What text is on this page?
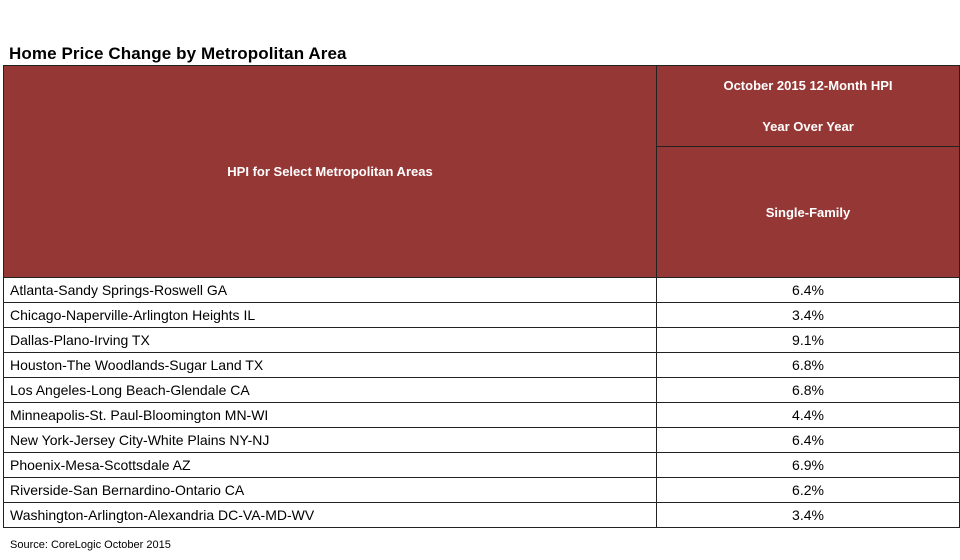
Home Price Change by Metropolitan Area
HPI for Select Metropolitan Areas	October 2015 12-Month HPI
Year Over Year

	Single-Family
Atlanta-Sandy Springs-Roswell GA	6.4%
Chicago-Naperville-Arlington Heights IL	3.4%
Dallas-Plano-Irving TX	9.1%
Houston-The Woodlands-Sugar Land TX	6.8%
Los Angeles-Long Beach-Glendale CA	6.8%
Minneapolis-St. Paul-Bloomington MN-WI	4.4%
New York-Jersey City-White Plains NY-NJ	6.4%
Phoenix-Mesa-Scottsdale AZ	6.9%
Riverside-San Bernardino-Ontario CA	6.2%
Washington-Arlington-Alexandria DC-VA-MD-WV	3.4%
Source: CoreLogic October 2015
